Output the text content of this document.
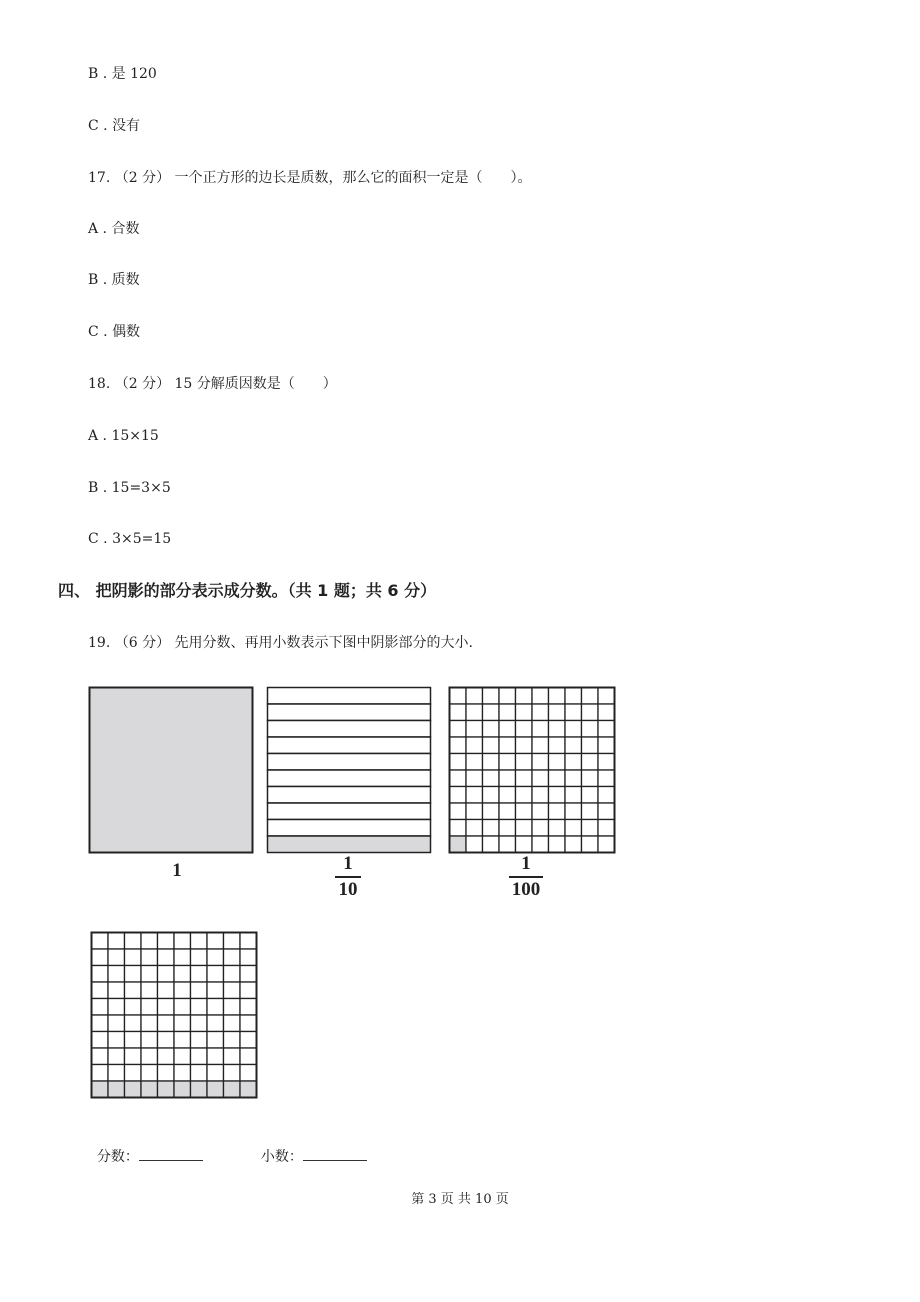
B . 是 120
C . 没有
17. （2 分） 一个正方形的边长是质数，那么它的面积一定是（　　）。
A . 合数
B . 质数
C . 偶数
18. （2 分） 15 分解质因数是（　　）
A . 15×15
B . 15=3×5
C . 3×5=15
四、 把阴影的部分表示成分数。（共 1 题；共 6 分）
19. （6 分） 先用分数、再用小数表示下图中阴影部分的大小.
1	1
10
1
100

分数：	小数：

第 3 页 共 10 页
